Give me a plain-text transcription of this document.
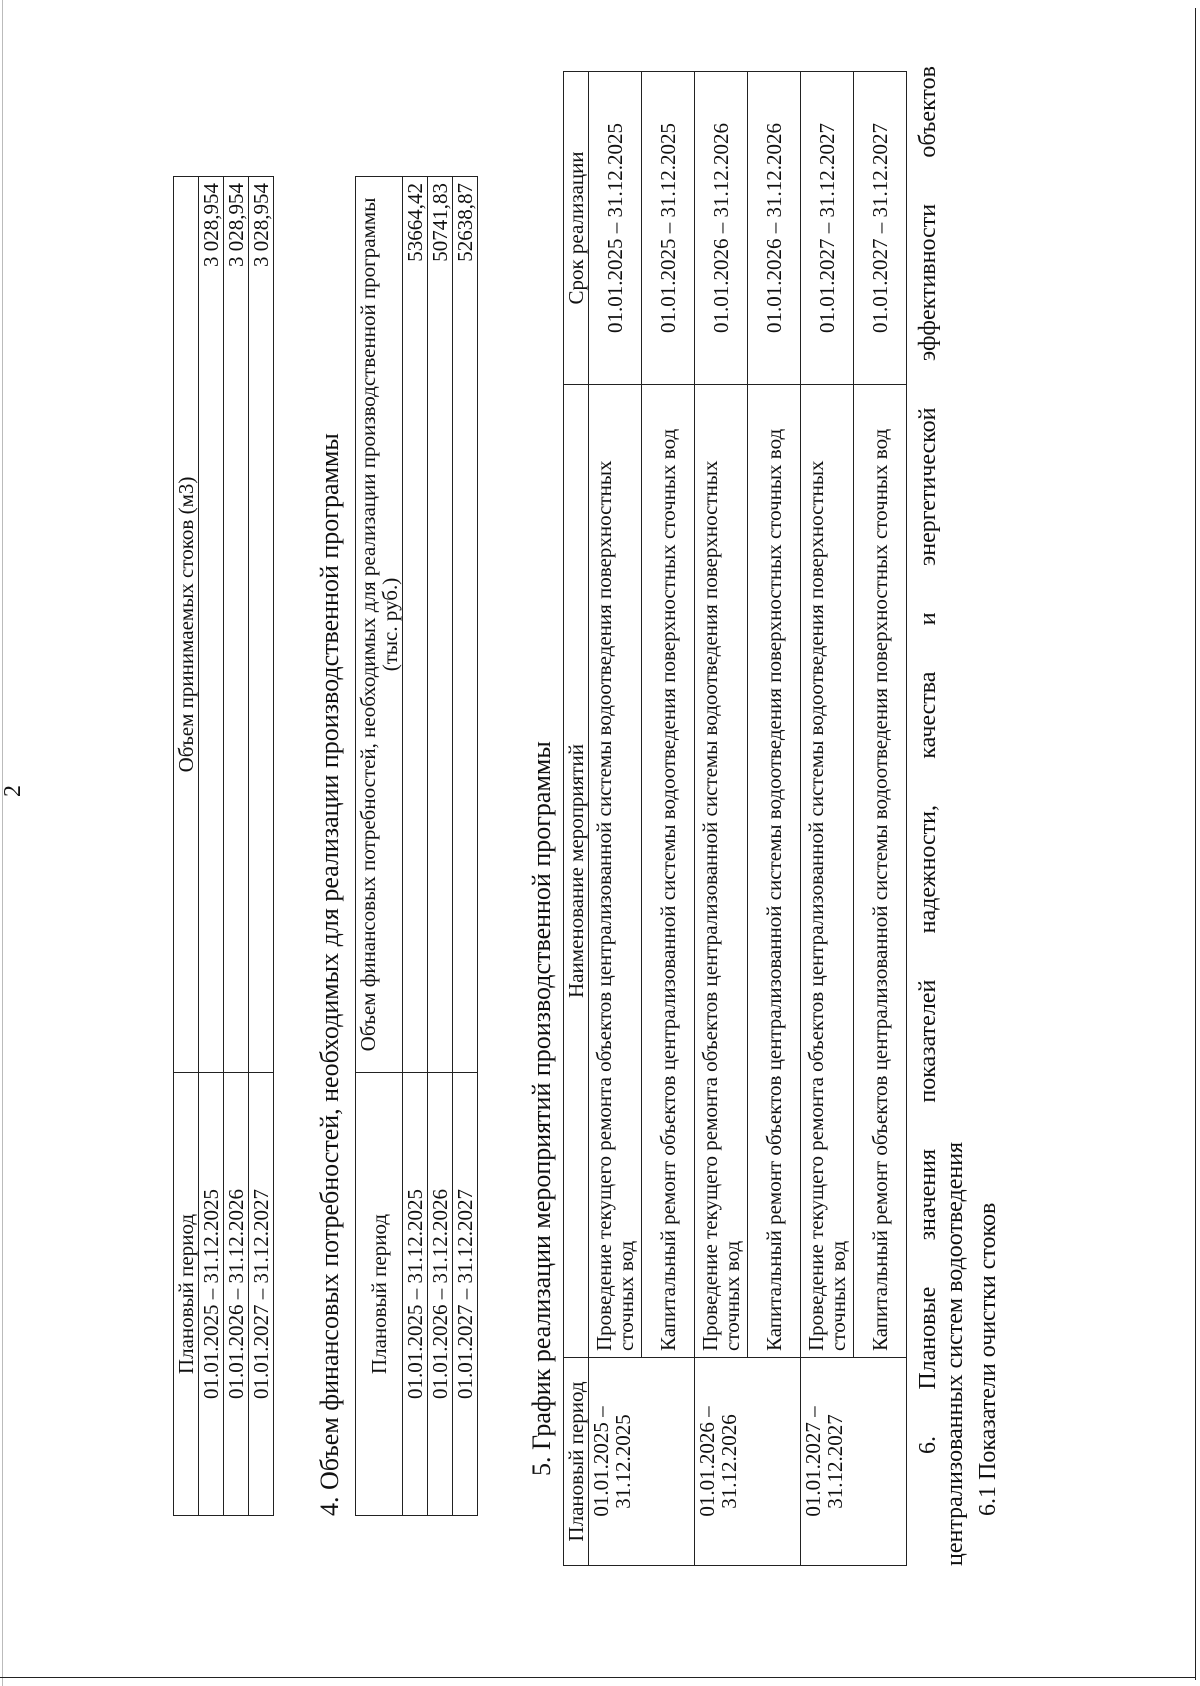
2
Плановый период	Объем принимаемых стоков (м3)
01.01.2025 – 31.12.2025	3 028,954
01.01.2026 – 31.12.2026	3 028,954
01.01.2027 – 31.12.2027	3 028,954

4. Объем финансовых потребностей, необходимых для реализации производственной программы Плановый период	Объем финансовых потребностей, необходимых для реализации производственной программы (тыс. руб.)
01.01.2025 – 31.12.2025	53664,42
01.01.2026 – 31.12.2026	50741,83
01.01.2027 – 31.12.2027	52638,87

5. График реализации мероприятий производственной программы Плановый период	Наименование мероприятий	Срок реализации
01.01.2025 – 31.12.2025	Проведение текущего ремонта объектов централизованной системы водоотведения поверхностных сточных вод	01.01.2025 – 31.12.2025
	Капитальный ремонт объектов централизованной системы водоотведения поверхностных сточных вод	01.01.2025 – 31.12.2025
01.01.2026 – 31.12.2026	Проведение текущего ремонта объектов централизованной системы водоотведения поверхностных сточных вод	01.01.2026 – 31.12.2026
	Капитальный ремонт объектов централизованной системы водоотведения поверхностных сточных вод	01.01.2026 – 31.12.2026
01.01.2027 – 31.12.2027	Проведение текущего ремонта объектов централизованной системы водоотведения поверхностных сточных вод	01.01.2027 – 31.12.2027
	Капитальный ремонт объектов централизованной системы водоотведения поверхностных сточных вод	01.01.2027 – 31.12.2027
6.
Плановые
значения
показателей
надежности,
качества
и
энергетической
эффективности
объектов
централизованных систем водоотведения 6.1 Показатели очистки стоков
